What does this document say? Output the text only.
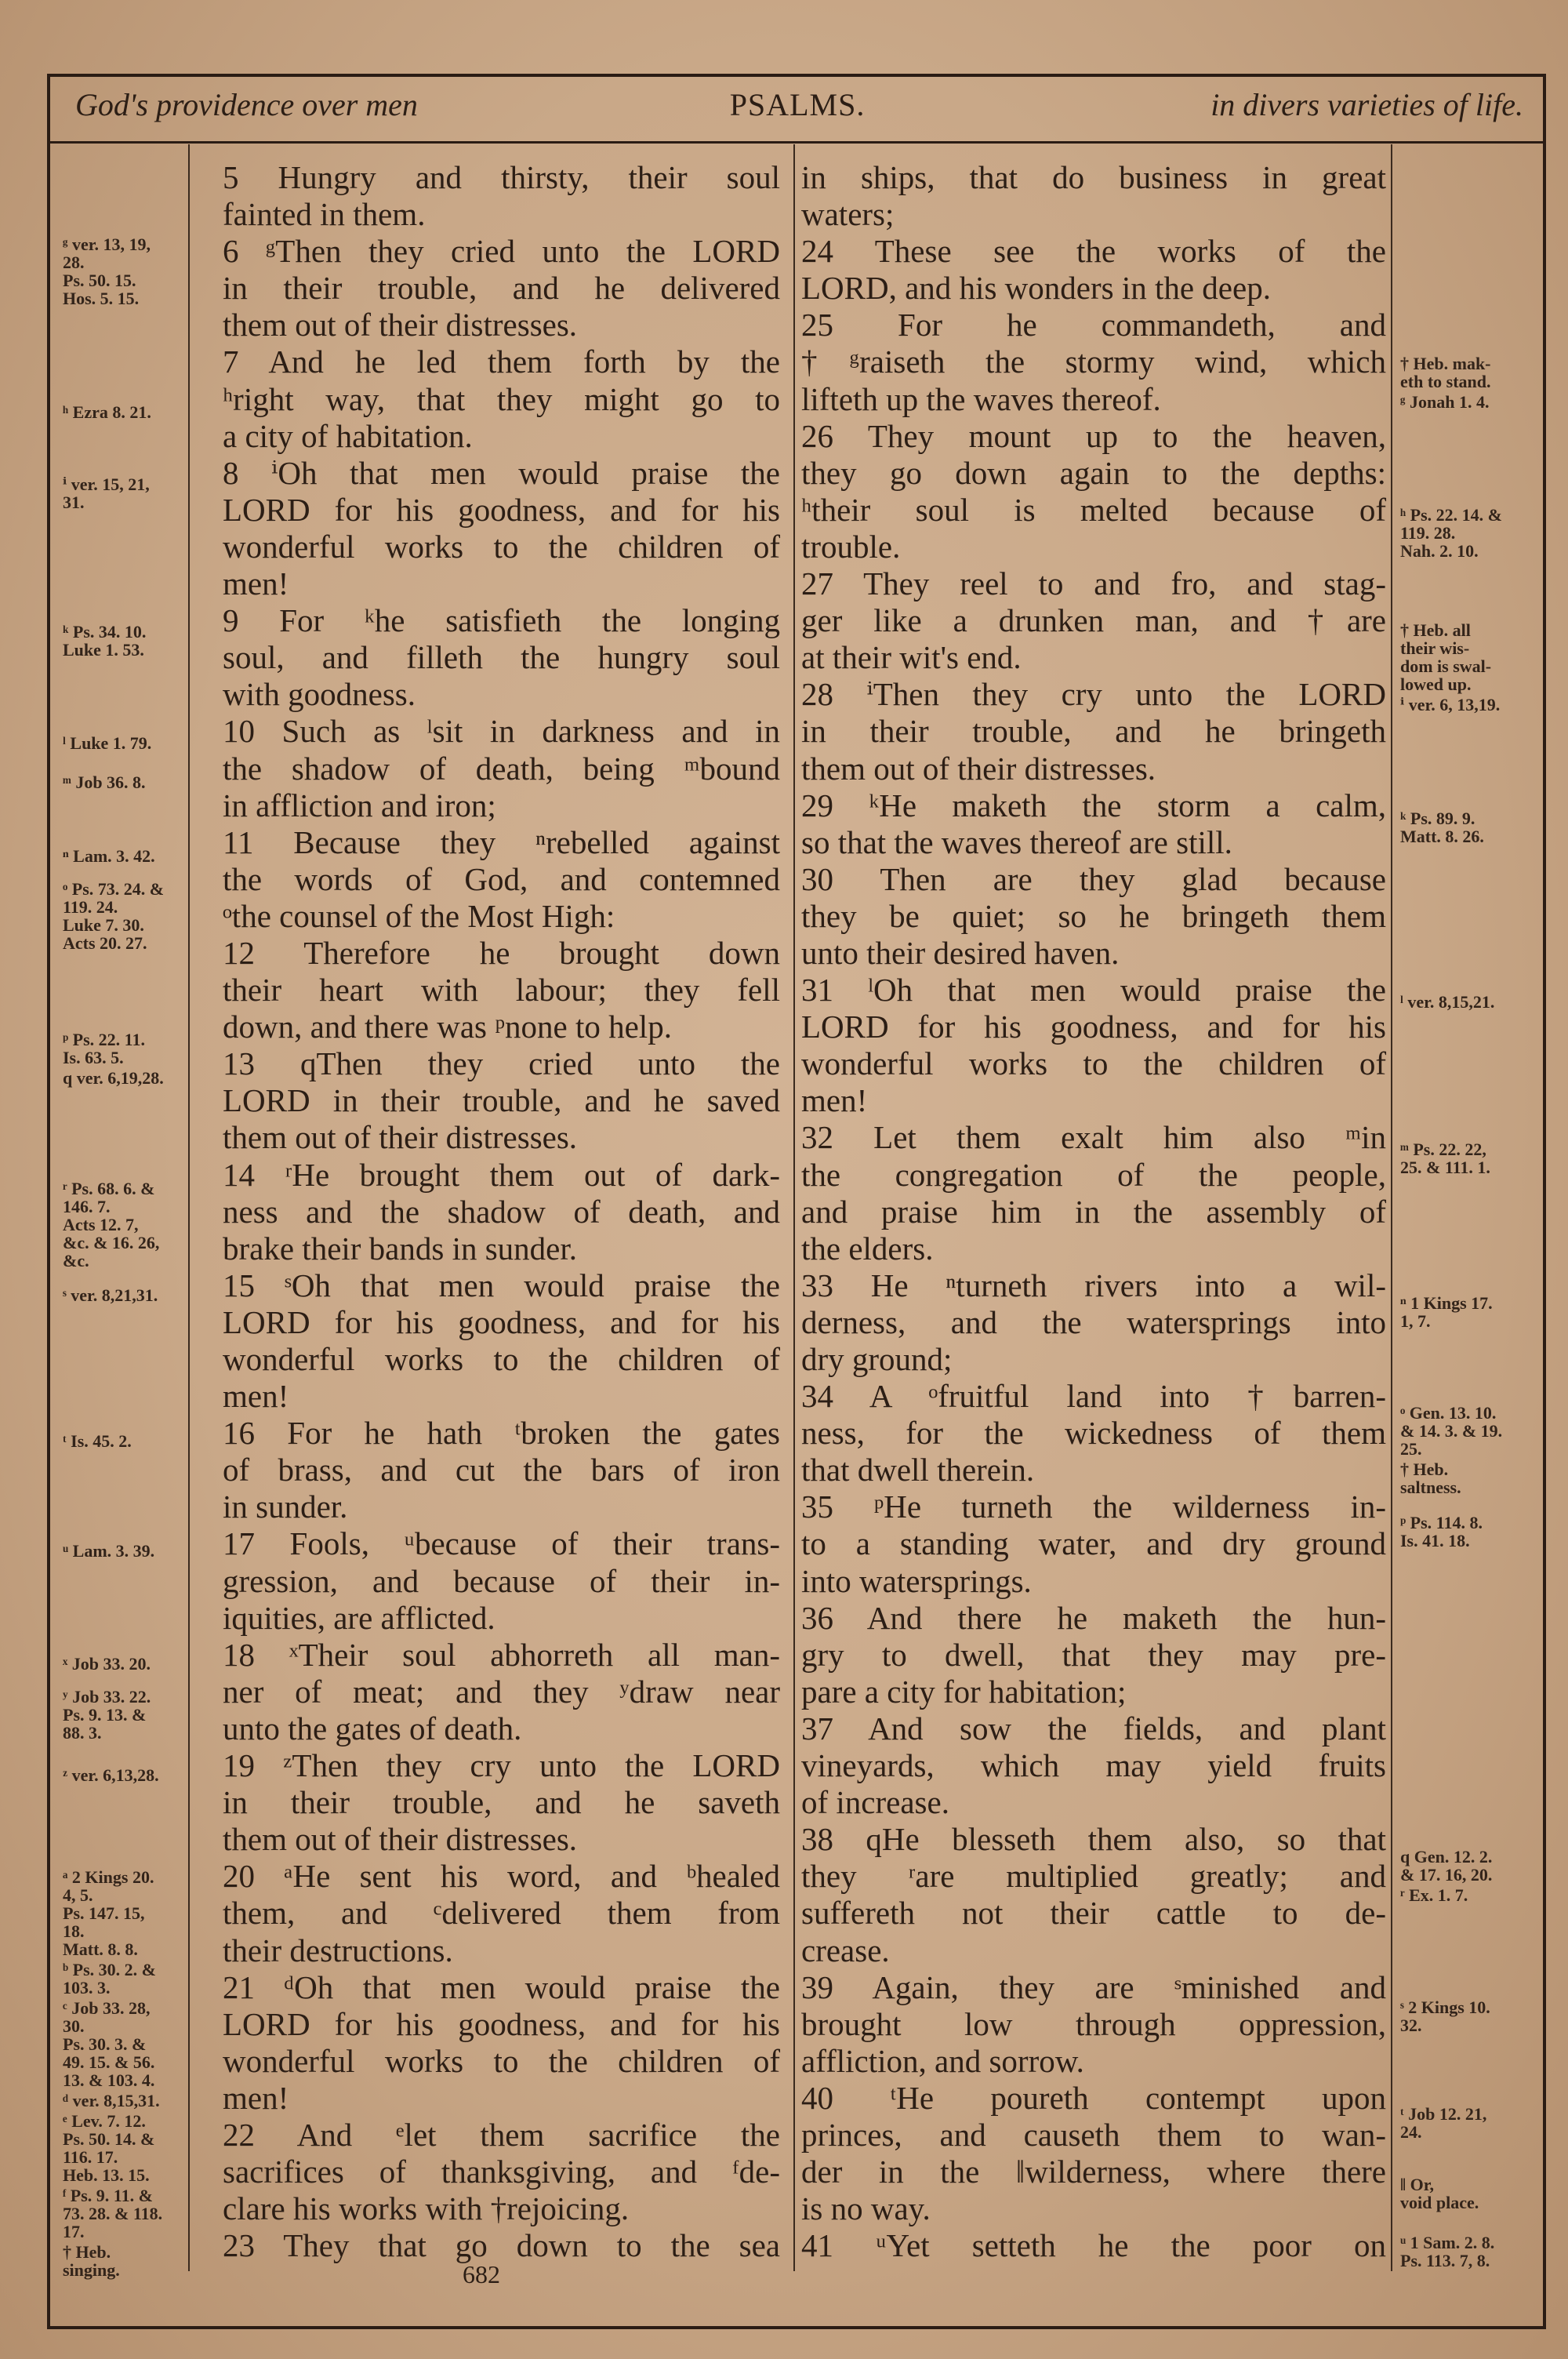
God's providence over men	PSALMS.	in divers varieties of life.
5 Hungry and thirsty, their soul
fainted in them.
6 ᵍThen they cried unto the LORD
in their trouble, and he delivered
them out of their distresses.
7 And he led them forth by the
ʰright way, that they might go to
a city of habitation.
8 ⁱOh that men would praise the
LORD for his goodness, and for his
wonderful works to the children of
men!
9 For ᵏhe satisfieth the longing
soul, and filleth the hungry soul
with goodness.
10 Such as ˡsit in darkness and in
the shadow of death, being ᵐbound
in affliction and iron;
11 Because they ⁿrebelled against
the words of God, and contemned
ᵒthe counsel of the Most High:
12 Therefore he brought down
their heart with labour; they fell
down, and there was ᵖnone to help.
13 qThen they cried unto the
LORD in their trouble, and he saved
them out of their distresses.
14 ʳHe brought them out of dark-
ness and the shadow of death, and
brake their bands in sunder.
15 ˢOh that men would praise the
LORD for his goodness, and for his
wonderful works to the children of
men!
16 For he hath ᵗbroken the gates
of brass, and cut the bars of iron
in sunder.
17 Fools, ᵘbecause of their trans-
gression, and because of their in-
iquities, are afflicted.
18 ˣTheir soul abhorreth all man-
ner of meat; and they ʸdraw near
unto the gates of death.
19 ᶻThen they cry unto the LORD
in their trouble, and he saveth
them out of their distresses.
20 ᵃHe sent his word, and ᵇhealed
them, and ᶜdelivered them from
their destructions.
21 ᵈOh that men would praise the
LORD for his goodness, and for his
wonderful works to the children of
men!
22 And ᵉlet them sacrifice the
sacrifices of thanksgiving, and ᶠde-
clare his works with †rejoicing.
23 They that go down to the sea
in ships, that do business in great
waters;
24 These see the works of the
LORD, and his wonders in the deep.
25 For he commandeth, and
†ᵍraiseth the stormy wind, which
lifteth up the waves thereof.
26 They mount up to the heaven,
they go down again to the depths:
ʰtheir soul is melted because of
trouble.
27 They reel to and fro, and stag-
ger like a drunken man, and †are
at their wit's end.
28 ⁱThen they cry unto the LORD
in their trouble, and he bringeth
them out of their distresses.
29 ᵏHe maketh the storm a calm,
so that the waves thereof are still.
30 Then are they glad because
they be quiet; so he bringeth them
unto their desired haven.
31 ˡOh that men would praise the
LORD for his goodness, and for his
wonderful works to the children of
men!
32 Let them exalt him also ᵐin
the congregation of the people,
and praise him in the assembly of
the elders.
33 He ⁿturneth rivers into a wil-
derness, and the watersprings into
dry ground;
34 A ᵒfruitful land into †barren-
ness, for the wickedness of them
that dwell therein.
35 ᵖHe turneth the wilderness in-
to a standing water, and dry ground
into watersprings.
36 And there he maketh the hun-
gry to dwell, that they may pre-
pare a city for habitation;
37 And sow the fields, and plant
vineyards, which may yield fruits
of increase.
38 qHe blesseth them also, so that
they ʳare multiplied greatly; and
suffereth not their cattle to de-
crease.
39 Again, they are ˢminished and
brought low through oppression,
affliction, and sorrow.
40 ᵗHe poureth contempt upon
princes, and causeth them to wan-
der in the ‖wilderness, where there
is no way.
41 ᵘYet setteth he the poor on
ᵍ ver. 13, 19,
28.
Ps. 50. 15.
Hos. 5. 15.
ʰ Ezra 8. 21.
ⁱ ver. 15, 21,
31.
ᵏ Ps. 34. 10.
Luke 1. 53.
ˡ Luke 1. 79.
ᵐ Job 36. 8.
ⁿ Lam. 3. 42.
ᵒ Ps. 73. 24. &
119. 24.
Luke 7. 30.
Acts 20. 27.
ᵖ Ps. 22. 11.
Is. 63. 5.
q ver. 6,19,28.
ʳ Ps. 68. 6. &
146. 7.
Acts 12. 7,
&c. & 16. 26,
&c.
ˢ ver. 8,21,31.
ᵗ Is. 45. 2.
ᵘ Lam. 3. 39.
ˣ Job 33. 20.
ʸ Job 33. 22.
Ps. 9. 13. &
88. 3.
ᶻ ver. 6,13,28.
ᵃ 2 Kings 20.
4, 5.
Ps. 147. 15,
18.
Matt. 8. 8.
ᵇ Ps. 30. 2. &
103. 3.
ᶜ Job 33. 28,
30.
Ps. 30. 3. &
49. 15. & 56.
13. & 103. 4.
ᵈ ver. 8,15,31.
ᵉ Lev. 7. 12.
Ps. 50. 14. &
116. 17.
Heb. 13. 15.
ᶠ Ps. 9. 11. &
73. 28. & 118.
17.
† Heb.
singing.
† Heb. mak-
eth to stand.
ᵍ Jonah 1. 4.
ʰ Ps. 22. 14. &
119. 28.
Nah. 2. 10.
† Heb. all
their wis-
dom is swal-
lowed up.
ⁱ ver. 6, 13,19.
ᵏ Ps. 89. 9.
Matt. 8. 26.
ˡ ver. 8,15,21.
ᵐ Ps. 22. 22,
25. & 111. 1.
ⁿ 1 Kings 17.
1, 7.
ᵒ Gen. 13. 10.
& 14. 3. & 19.
25.
† Heb.
saltness.
ᵖ Ps. 114. 8.
Is. 41. 18.
q Gen. 12. 2.
& 17. 16, 20.
ʳ Ex. 1. 7.
ˢ 2 Kings 10.
32.
ᵗ Job 12. 21,
24.
‖ Or,
void place.
ᵘ 1 Sam. 2. 8.
Ps. 113. 7, 8.
682
